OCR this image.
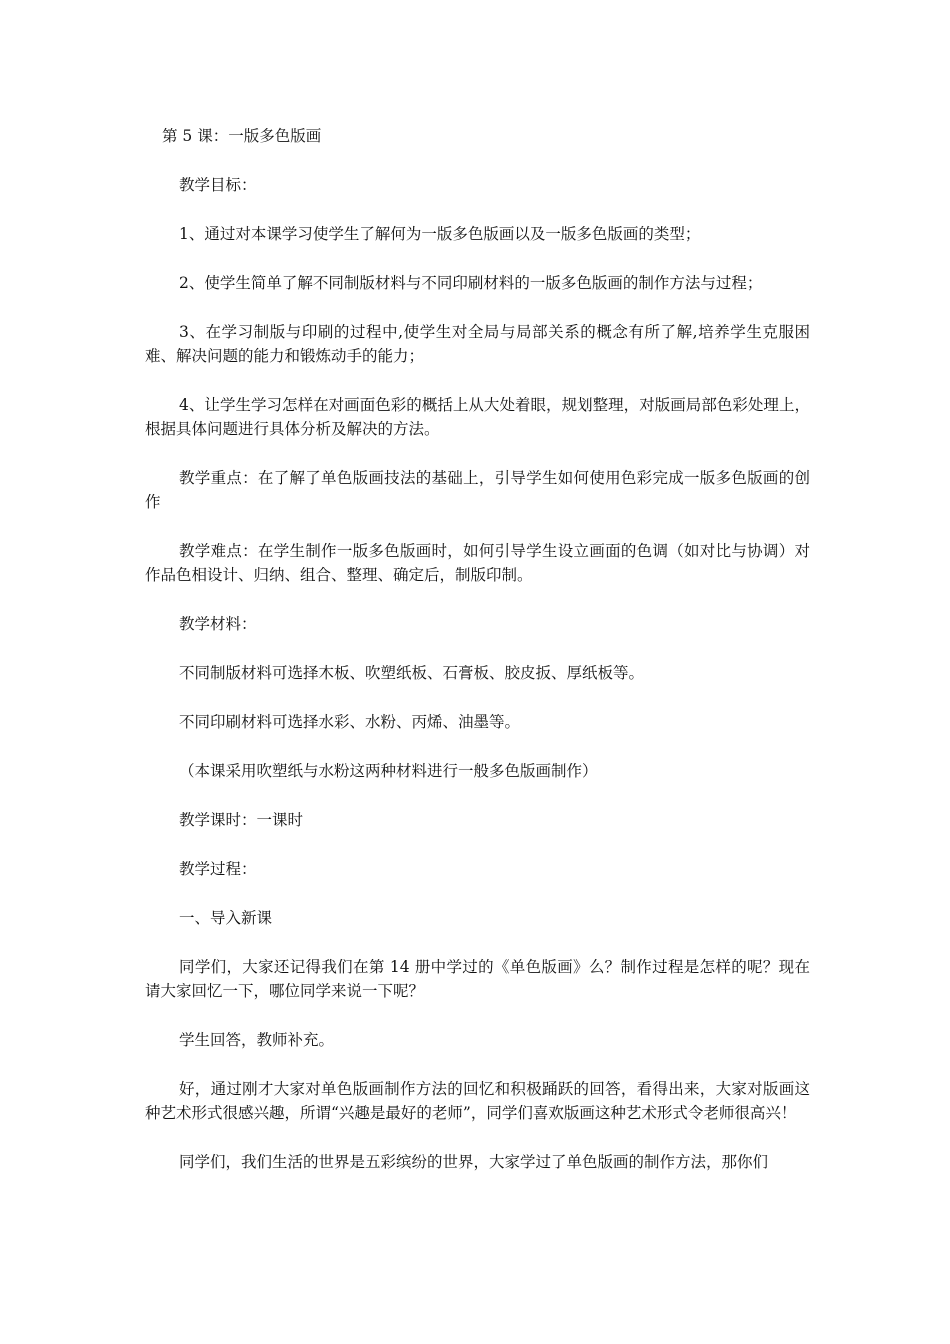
第 5 课：一版多色版画

教学目标：

1、通过对本课学习使学生了解何为一版多色版画以及一版多色版画的类型；

2、使学生简单了解不同制版材料与不同印刷材料的一版多色版画的制作方法与过程；

3、在学习制版与印刷的过程中,使学生对全局与局部关系的概念有所了解,培养学生克服困难、解决问题的能力和锻炼动手的能力；

4、让学生学习怎样在对画面色彩的概括上从大处着眼，规划整理，对版画局部色彩处理上，根据具体问题进行具体分析及解决的方法。

教学重点：在了解了单色版画技法的基础上，引导学生如何使用色彩完成一版多色版画的创作

教学难点：在学生制作一版多色版画时，如何引导学生设立画面的色调（如对比与协调）对作品色相设计、归纳、组合、整理、确定后，制版印制。

教学材料：

不同制版材料可选择木板、吹塑纸板、石膏板、胶皮扳、厚纸板等。

不同印刷材料可选择水彩、水粉、丙烯、油墨等。

（本课采用吹塑纸与水粉这两种材料进行一般多色版画制作）

教学课时：一课时

教学过程：

一、导入新课

同学们，大家还记得我们在第 14 册中学过的《单色版画》么？制作过程是怎样的呢？现在请大家回忆一下，哪位同学来说一下呢？

学生回答，教师补充。

好，通过刚才大家对单色版画制作方法的回忆和积极踊跃的回答，看得出来，大家对版画这种艺术形式很感兴趣，所谓“兴趣是最好的老师”，同学们喜欢版画这种艺术形式令老师很高兴！

同学们，我们生活的世界是五彩缤纷的世界，大家学过了单色版画的制作方法，那你们
